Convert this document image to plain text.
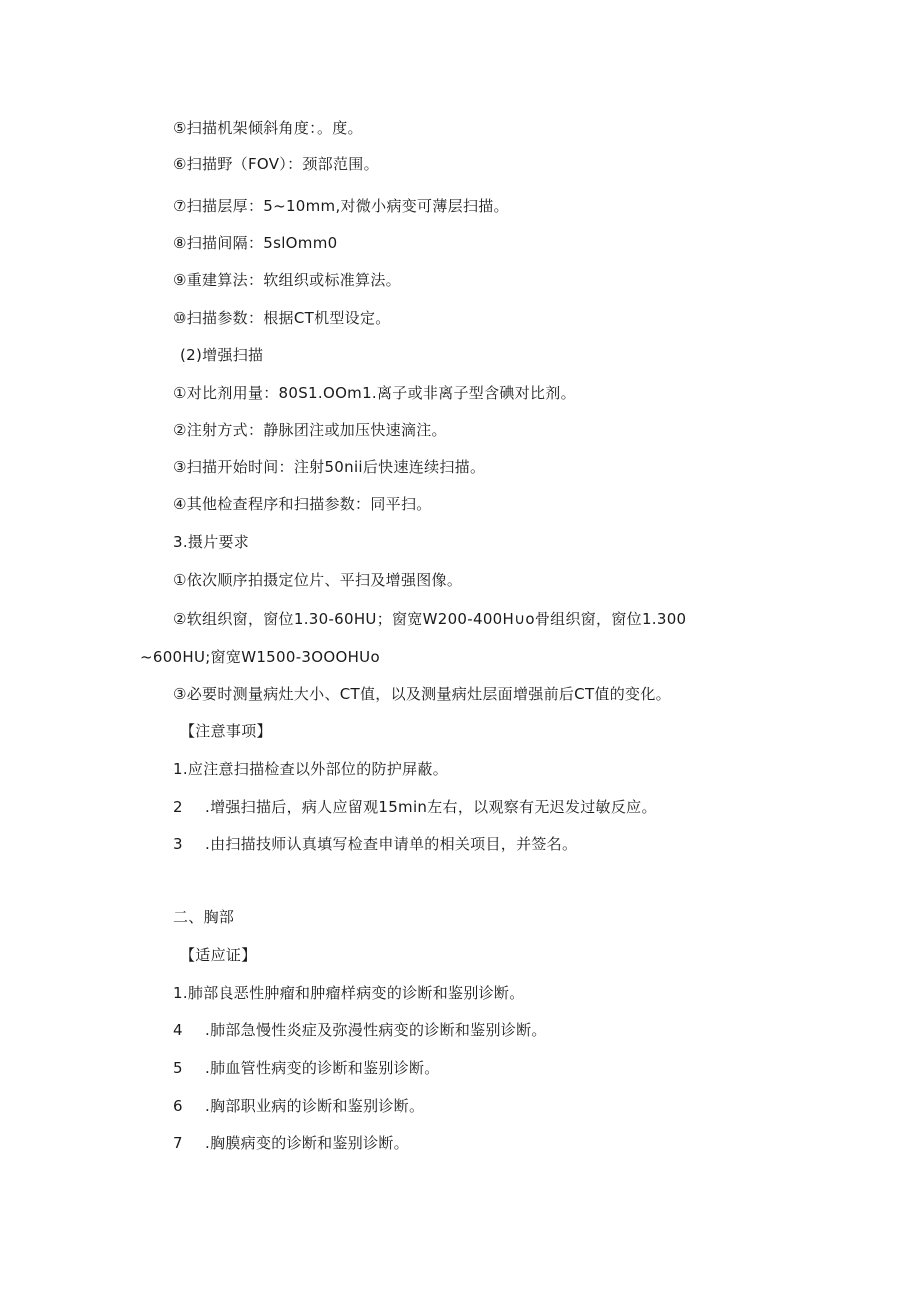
⑤扫描机架倾斜角度：。度。
⑥扫描野（FOV）：颈部范围。
⑦扫描层厚：5~10mm,对微小病变可薄层扫描。
⑧扫描间隔：5slOmm0
⑨重建算法：软组织或标准算法。
⑩扫描参数：根据CT机型设定。
(2)增强扫描
①对比剂用量：80S1.OOm1.离子或非离子型含碘对比剂。
②注射方式：静脉团注或加压快速滴注。
③扫描开始时间：注射50nii后快速连续扫描。
④其他检查程序和扫描参数：同平扫。
3.摄片要求
①依次顺序拍摄定位片、平扫及增强图像。
②软组织窗，窗位1.30-60HU；窗宽W200-400H∪o骨组织窗，窗位1.300
~600HU;窗宽W1500-3OOOHUo
③必要时测量病灶大小、CT值，以及测量病灶层面增强前后CT值的变化。
【注意事项】
1.应注意扫描检查以外部位的防护屏蔽。
2 .增强扫描后，病人应留观15min左右，以观察有无迟发过敏反应。
3 .由扫描技师认真填写检查申请单的相关项目，并签名。
二、胸部
【适应证】
1.肺部良恶性肿瘤和肿瘤样病变的诊断和鉴别诊断。
4 .肺部急慢性炎症及弥漫性病变的诊断和鉴别诊断。
5 .肺血管性病变的诊断和鉴别诊断。
6 .胸部职业病的诊断和鉴别诊断。
7 .胸膜病变的诊断和鉴别诊断。
